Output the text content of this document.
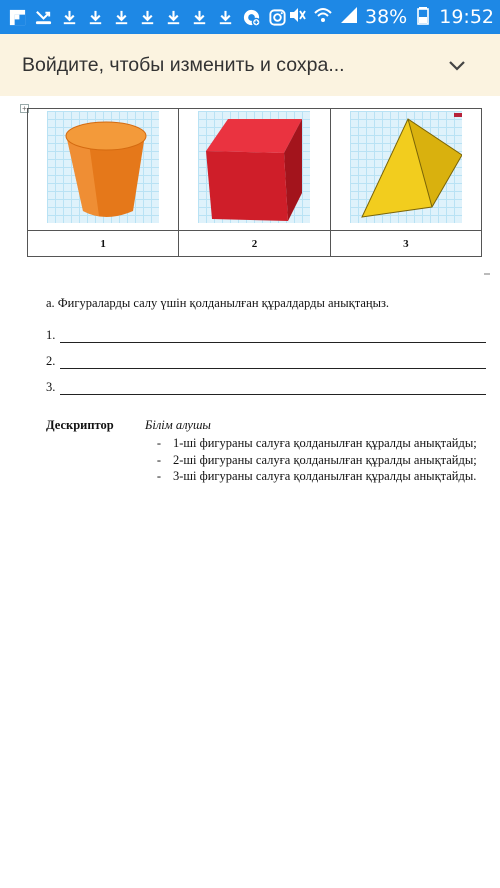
38% 19:52
Войдите, чтобы изменить и сохра...
+

1	2	3
а. Фигураларды салу үшін қолданылған құралдарды анықтаңыз.
1.
2.
3.
Дескриптор	Білім алушы
- 1-ші фигураны салуға қолданылған құралды анықтайды;
- 2-ші фигураны салуға қолданылған құралды анықтайды;
- 3-ші фигураны салуға қолданылған құралды анықтайды.
